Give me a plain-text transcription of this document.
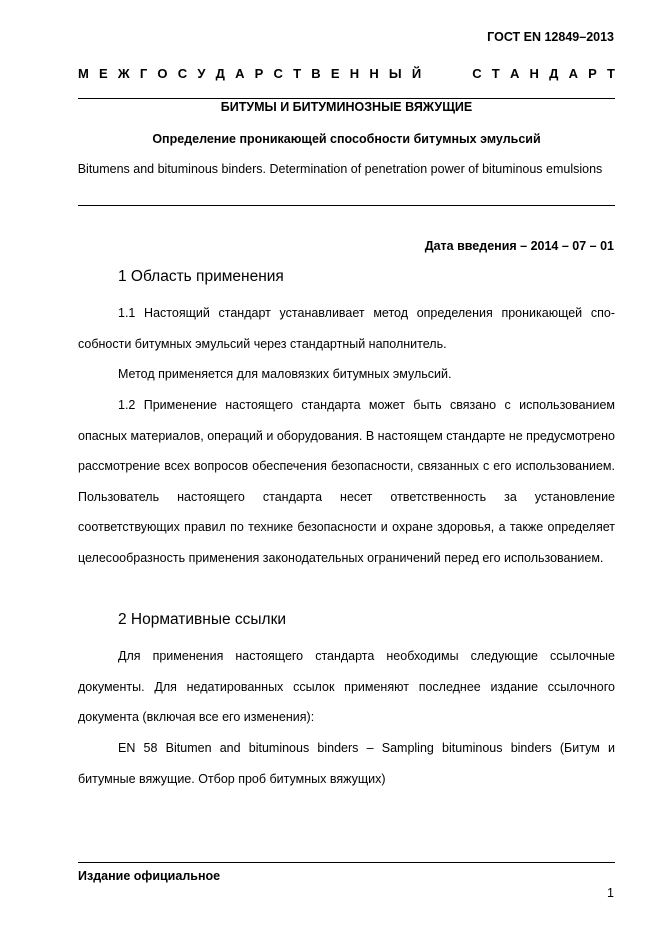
ГОСТ EN 12849–2013
М Е Ж Г О С У Д А Р С Т В Е Н Н Ы Й     С Т А Н Д А Р Т
БИТУМЫ И БИТУМИНОЗНЫЕ ВЯЖУЩИЕ
Определение проникающей способности битумных эмульсий
Bitumens and bituminous binders. Determination of penetration power of bituminous emulsions
Дата введения – 2014 – 07 – 01
1 Область применения

1.1 Настоящий стандарт устанавливает метод определения проникающей способности битумных эмульсий через стандартный наполнитель.

Метод применяется для маловязких битумных эмульсий.

1.2 Применение настоящего стандарта может быть связано с использованием опасных материалов, операций и оборудования. В настоящем стандарте не предусмотрено рассмотрение всех вопросов обеспечения безопасности, связанных с его использованием. Пользователь настоящего стандарта несет ответственность за установление соответствующих правил по технике безопасности и охране здоровья, а также определяет целесообразность применения законодательных ограничений перед его использованием.

2 Нормативные ссылки

Для применения настоящего стандарта необходимы следующие ссылочные документы. Для недатированных ссылок применяют последнее издание ссылочного документа (включая все его изменения):

EN 58 Bitumen and bituminous binders – Sampling bituminous binders (Битум и битумные вяжущие. Отбор проб битумных вяжущих)

Издание официальное
1
